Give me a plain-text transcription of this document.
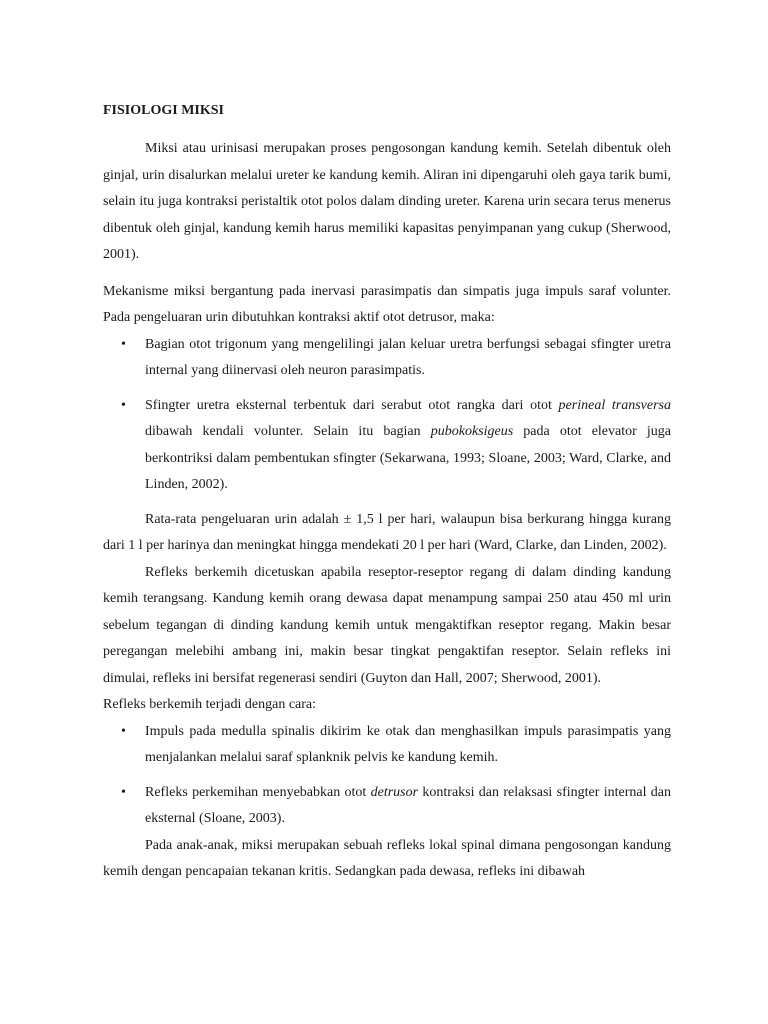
FISIOLOGI MIKSI

Miksi atau urinisasi merupakan proses pengosongan kandung kemih. Setelah dibentuk oleh ginjal, urin disalurkan melalui ureter ke kandung kemih. Aliran ini dipengaruhi oleh gaya tarik bumi, selain itu juga kontraksi peristaltik otot polos dalam dinding ureter. Karena urin secara terus menerus dibentuk oleh ginjal, kandung kemih harus memiliki kapasitas penyimpanan yang cukup (Sherwood, 2001).

Mekanisme miksi bergantung pada inervasi parasimpatis dan simpatis juga impuls saraf volunter. Pada pengeluaran urin dibutuhkan kontraksi aktif otot detrusor, maka:

• Bagian otot trigonum yang mengelilingi jalan keluar uretra berfungsi sebagai sfingter uretra internal yang diinervasi oleh neuron parasimpatis.
• Sfingter uretra eksternal terbentuk dari serabut otot rangka dari otot perineal transversa dibawah kendali volunter. Selain itu bagian pubokoksigeus pada otot elevator juga berkontriksi dalam pembentukan sfingter (Sekarwana, 1993; Sloane, 2003; Ward, Clarke, and Linden, 2002).

Rata-rata pengeluaran urin adalah ± 1,5 l per hari, walaupun bisa berkurang hingga kurang dari 1 l per harinya dan meningkat hingga mendekati 20 l per hari (Ward, Clarke, dan Linden, 2002).

Refleks berkemih dicetuskan apabila reseptor-reseptor regang di dalam dinding kandung kemih terangsang. Kandung kemih orang dewasa dapat menampung sampai 250 atau 450 ml urin sebelum tegangan di dinding kandung kemih untuk mengaktifkan reseptor regang. Makin besar peregangan melebihi ambang ini, makin besar tingkat pengaktifan reseptor. Selain refleks ini dimulai, refleks ini bersifat regenerasi sendiri (Guyton dan Hall, 2007; Sherwood, 2001).

Refleks berkemih terjadi dengan cara:

• Impuls pada medulla spinalis dikirim ke otak dan menghasilkan impuls parasimpatis yang menjalankan melalui saraf splanknik pelvis ke kandung kemih.
• Refleks perkemihan menyebabkan otot detrusor kontraksi dan relaksasi sfingter internal dan eksternal (Sloane, 2003).

Pada anak-anak, miksi merupakan sebuah refleks lokal spinal dimana pengosongan kandung kemih dengan pencapaian tekanan kritis. Sedangkan pada dewasa, refleks ini dibawah
